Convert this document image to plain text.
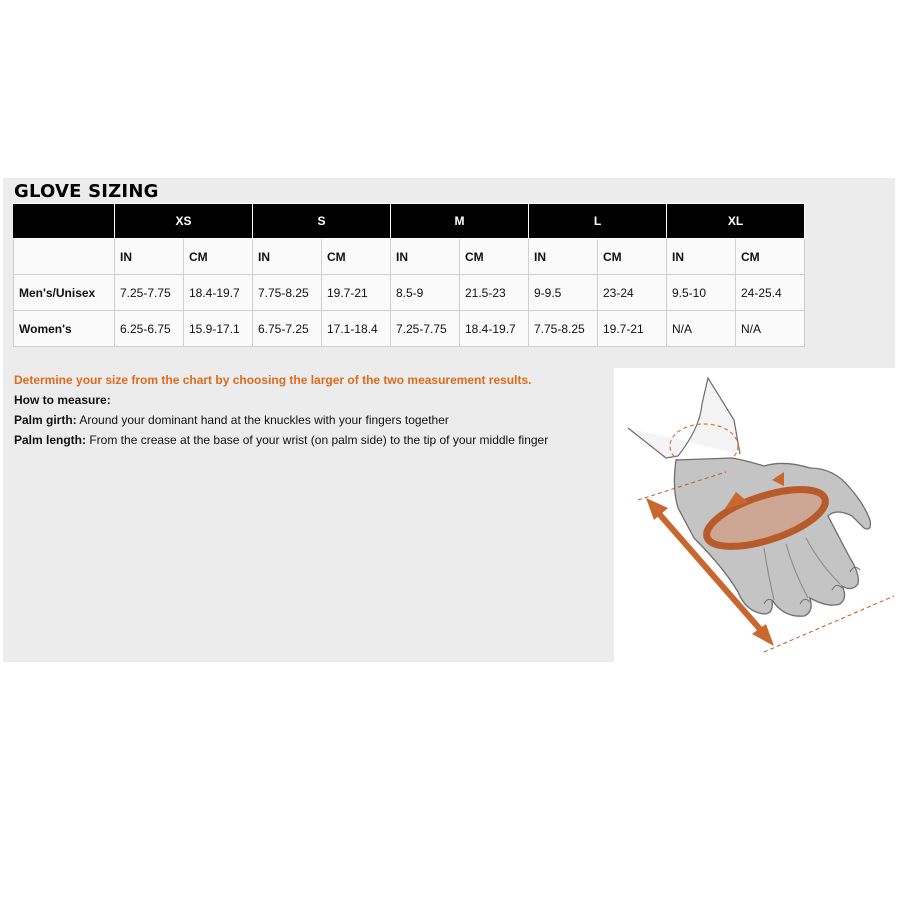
GLOVE SIZING
	XS		S		M		L		XL	
	IN	CM	IN	CM	IN	CM	IN	CM	IN	CM
Men's/Unisex	7.25-7.75	18.4-19.7	7.75-8.25	19.7-21	8.5-9	21.5-23	9-9.5	23-24	9.5-10	24-25.4
Women's	6.25-6.75	15.9-17.1	6.75-7.25	17.1-18.4	7.25-7.75	18.4-19.7	7.75-8.25	19.7-21	N/A	N/A
Determine your size from the chart by choosing the larger of the two measurement results.
How to measure:
Palm girth: Around your dominant hand at the knuckles with your fingers together
Palm length: From the crease at the base of your wrist (on palm side) to the tip of your middle finger
